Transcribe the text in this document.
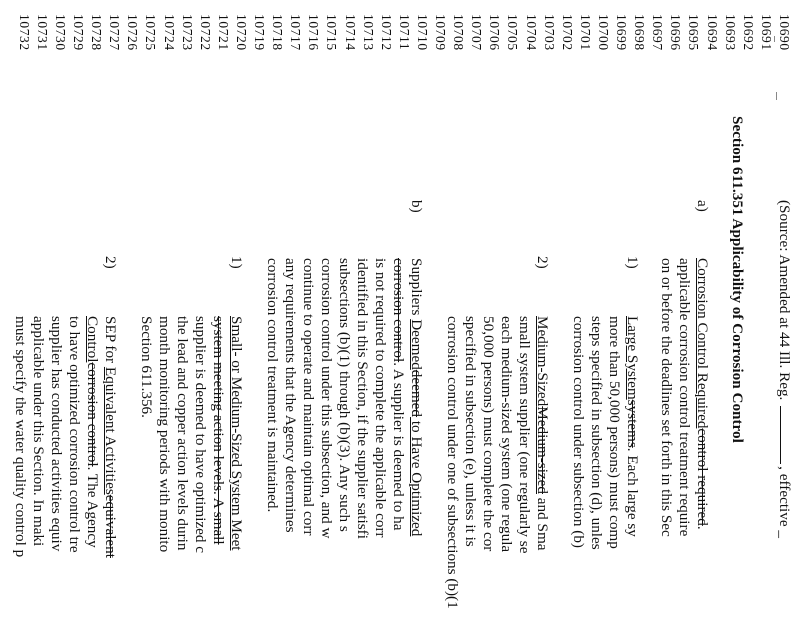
10690
10691
10692
10693
10694
10695
10696
10697
10698
10699
10700
10701
10702
10703
10704
10705
10706
10707
10708
10709
10710
10711
10712
10713
10714
10715
10716
10717
10718
10719
10720
10721
10722
10723
10724
10725
10726
10727
10728
10729
10730
10731
10732
(Source: Amended at 44 Ill. Reg. , effective _
Section 611.351 Applicability of Corrosion Control
a)
Corrosion Control Requiredcontrol required.
applicable corrosion control treatment require
on or before the deadlines set forth in this Sec
1)
Large Systemsystems. Each large sy
more than 50,000 persons) must comp
steps specified in subsection (d), unles
corrosion control under subsection (b)
2)
Medium-SizedMedium-sized and Sma
small system supplier (one regularly se
each medium-sized system (one regula
50,000 persons) must complete the cor
specified in subsection (e), unless it is
corrosion control under one of subsections (b)(1
b)
Suppliers Deemeddeemed to Have Optimized
corrosion control. A supplier is deemed to ha
is not required to complete the applicable corr
identified in this Section, if the supplier satisfi
subsections (b)(1) through (b)(3). Any such s
corrosion control under this subsection, and w
continue to operate and maintain optimal corr
any requirements that the Agency determines
corrosion control treatment is maintained.
1)
Small- or Medium-Sized System Meet
system meeting action levels. A small
supplier is deemed to have optimized c
the lead and copper action levels durin
month monitoring periods with monito
Section 611.356.
2)
SEP for Equivalent Activitiesequivalent
Controlcorrosion control. The Agency
to have optimized corrosion control tre
supplier has conducted activities equiv
applicable under this Section. In maki
must specify the water quality control p
